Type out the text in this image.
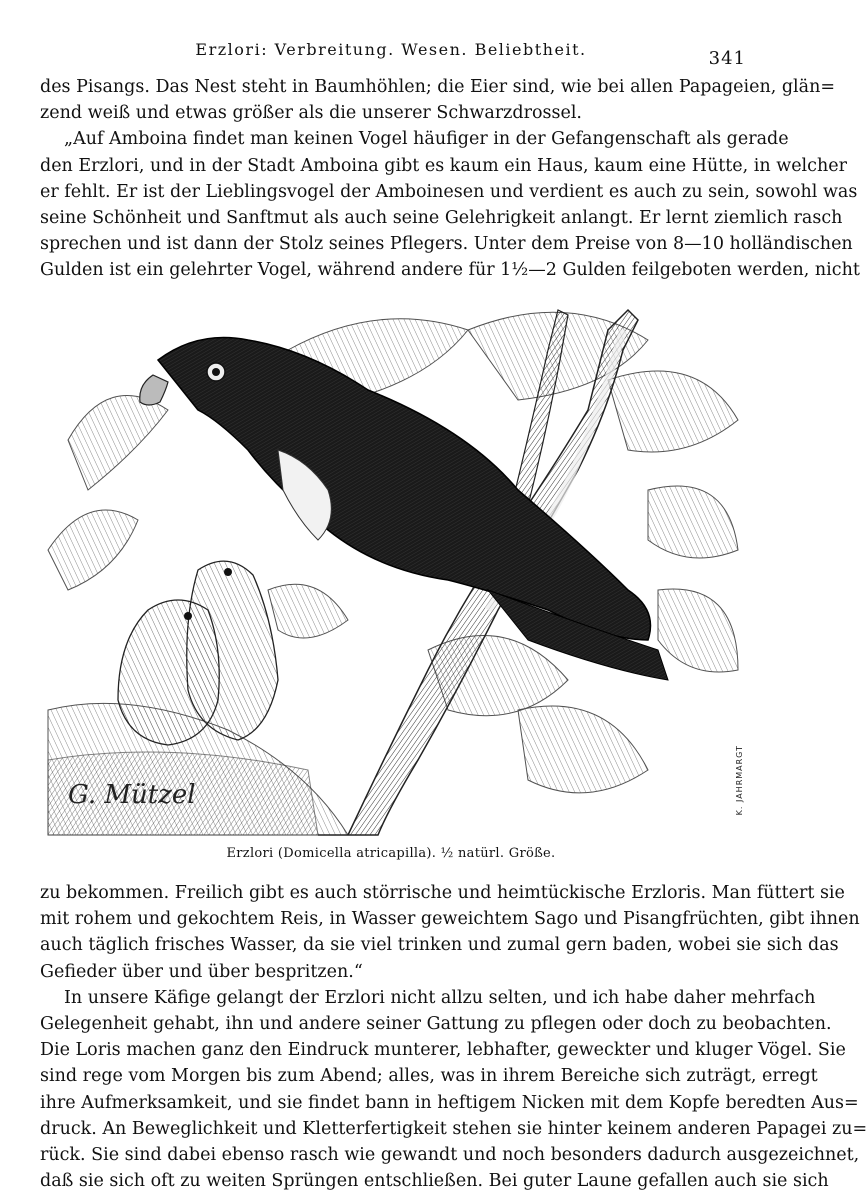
Erzlori: Verbreitung. Wesen. Beliebtheit.	341
des Pisangs. Das Nest steht in Baumhöhlen; die Eier sind, wie bei allen Papageien, glän=
zend weiß und etwas größer als die unserer Schwarzdrossel.
„Auf Amboina findet man keinen Vogel häufiger in der Gefangenschaft als gerade
den Erzlori, und in der Stadt Amboina gibt es kaum ein Haus, kaum eine Hütte, in welcher
er fehlt. Er ist der Lieblingsvogel der Amboinesen und verdient es auch zu sein, sowohl was
seine Schönheit und Sanftmut als auch seine Gelehrigkeit anlangt. Er lernt ziemlich rasch
sprechen und ist dann der Stolz seines Pflegers. Unter dem Preise von 8—10 holländischen
Gulden ist ein gelehrter Vogel, während andere für 1½—2 Gulden feilgeboten werden, nicht
G. Mützel	K. JAHRMARGT
Erzlori (Domicella atricapilla). ½ natürl. Größe.
zu bekommen. Freilich gibt es auch störrische und heimtückische Erzloris. Man füttert sie
mit rohem und gekochtem Reis, in Wasser geweichtem Sago und Pisangfrüchten, gibt ihnen
auch täglich frisches Wasser, da sie viel trinken und zumal gern baden, wobei sie sich das
Gefieder über und über bespritzen.“
In unsere Käfige gelangt der Erzlori nicht allzu selten, und ich habe daher mehrfach
Gelegenheit gehabt, ihn und andere seiner Gattung zu pflegen oder doch zu beobachten.
Die Loris machen ganz den Eindruck munterer, lebhafter, geweckter und kluger Vögel. Sie
sind rege vom Morgen bis zum Abend; alles, was in ihrem Bereiche sich zuträgt, erregt
ihre Aufmerksamkeit, und sie findet bann in heftigem Nicken mit dem Kopfe beredten Aus=
druck. An Beweglichkeit und Kletterfertigkeit stehen sie hinter keinem anderen Papagei zu=
rück. Sie sind dabei ebenso rasch wie gewandt und noch besonders dadurch ausgezeichnet,
daß sie sich oft zu weiten Sprüngen entschließen. Bei guter Laune gefallen auch sie sich
